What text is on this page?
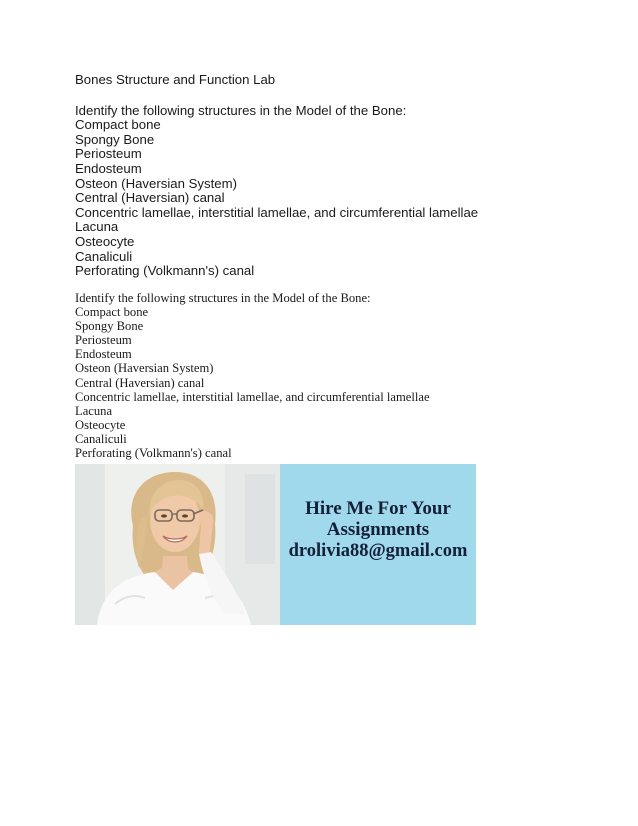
Bones Structure and Function Lab

Identify the following structures in the Model of the Bone:

Compact bone
Spongy Bone
Periosteum
Endosteum
Osteon (Haversian System)
Central (Haversian) canal
Concentric lamellae, interstitial lamellae, and circumferential lamellae
Lacuna
Osteocyte
Canaliculi
Perforating (Volkmann's) canal

Identify the following structures in the Model of the Bone:

Compact bone
Spongy Bone
Periosteum
Endosteum
Osteon (Haversian System)
Central (Haversian) canal
Concentric lamellae, interstitial lamellae, and circumferential lamellae
Lacuna
Osteocyte
Canaliculi
Perforating (Volkmann's) canal
Hire Me For Your
Assignments
drolivia88@gmail.com
